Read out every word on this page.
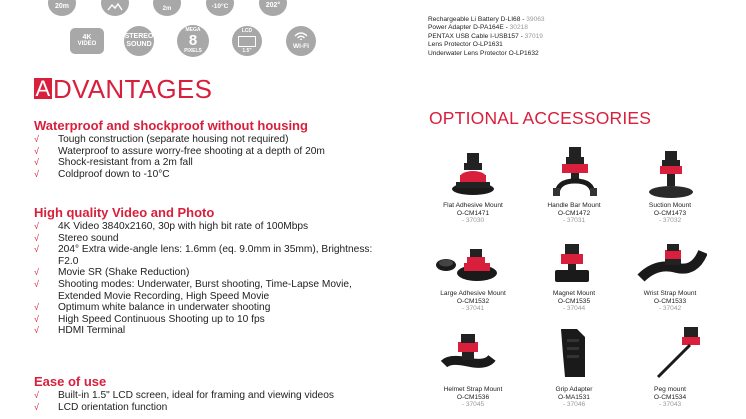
20m	2m	-10°C	202°
4K
VIDEO
STEREO
SOUND
MEGA
8
PIXELS
LCD
1.5"
WI-FI
ADVANTAGES
Waterproof and shockproof without housing
√ Tough construction (separate housing not required)
√ Waterproof to assure worry-free shooting at a depth of 20m
√ Shock-resistant from a 2m fall
√ Coldproof down to -10°C
High quality Video and Photo
√ 4K Video 3840x2160, 30p with high bit rate of 100Mbps
√ Stereo sound
√ 204° Extra wide-angle lens: 1.6mm (eq. 9.0mm in 35mm), Brightness: F2.0
√ Movie SR (Shake Reduction)
√ Shooting modes: Underwater, Burst shooting, Time-Lapse Movie, Extended Movie Recording, High Speed Movie
√ Optimum white balance in underwater shooting
√ High Speed Continuous Shooting up to 10 fps
√ HDMI Terminal
Ease of use
√ Built-in 1.5" LCD screen, ideal for framing and viewing videos
√ LCD orientation function
Rechargeable Li Battery D-LI68 - 39063
Power Adapter D-PA164E - 30218
PENTAX USB Cable I-USB157 - 37019
Lens Protector O-LP1631
Underwater Lens Protector O-LP1632
OPTIONAL ACCESSORIES
Flat Adhesive Mount
O-CM1471
- 37030
Handle Bar Mount
O-CM1472
- 37031
Suction Mount
O-CM1473
- 37032
Large Adhesive Mount
O-CM1532
- 37041
Magnet Mount
O-CM1535
- 37044
Wrist Strap Mount
O-CM1533
- 37042
Helmet Strap Mount
O-CM1536
- 37045
Grip Adapter
O-MA1531
- 37046
Peg mount
O-CM1534
- 37043
